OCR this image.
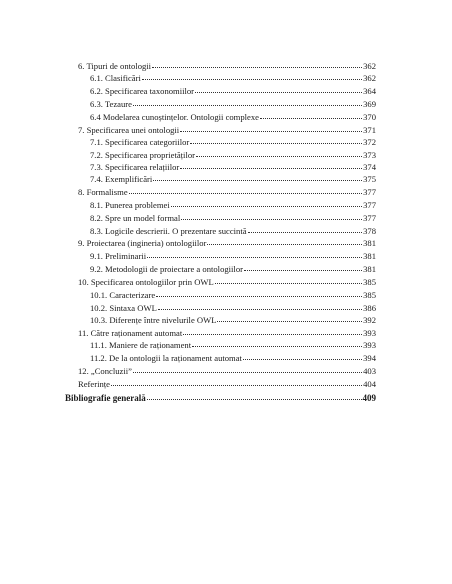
6. Tipuri de ontologii	362
6.1. Clasificări	362
6.2. Specificarea taxonomiilor	364
6.3. Tezaure	369
6.4 Modelarea cunoștințelor. Ontologii complexe	370
7. Specificarea unei ontologii	371
7.1. Specificarea categoriilor	372
7.2. Specificarea proprietăților	373
7.3. Specificarea relațiilor	374
7.4. Exemplificări	375
8. Formalisme	377
8.1. Punerea problemei	377
8.2. Spre un model formal	377
8.3. Logicile descrierii. O prezentare succintă	378
9. Proiectarea (ingineria) ontologiilor	381
9.1. Preliminarii	381
9.2. Metodologii de proiectare a ontologiilor	381
10. Specificarea ontologiilor prin OWL	385
10.1. Caracterizare	385
10.2. Sintaxa OWL	386
10.3. Diferențe între nivelurile OWL	392
11. Către raționament automat	393
11.1. Maniere de raționament	393
11.2. De la ontologii la raționament automat	394
12. „Concluzii”	403
Referințe	404
Bibliografie generală	409
